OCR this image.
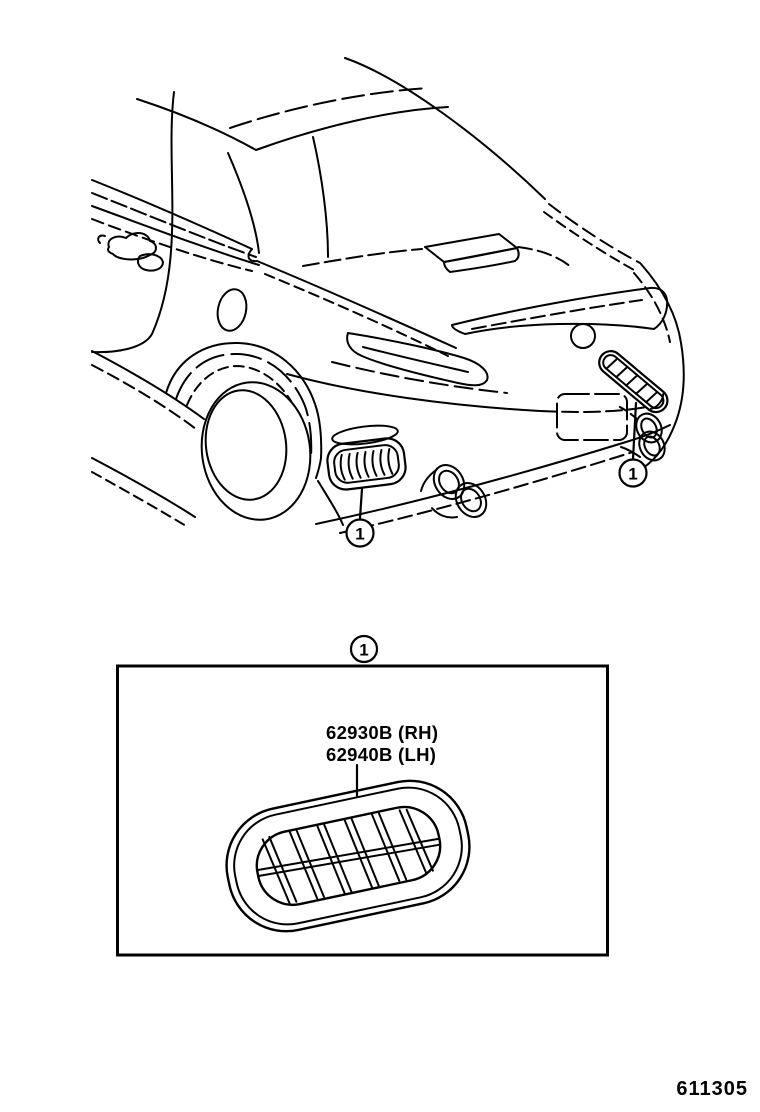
1
1
1
62930B (RH)
62940B (LH)
611305
